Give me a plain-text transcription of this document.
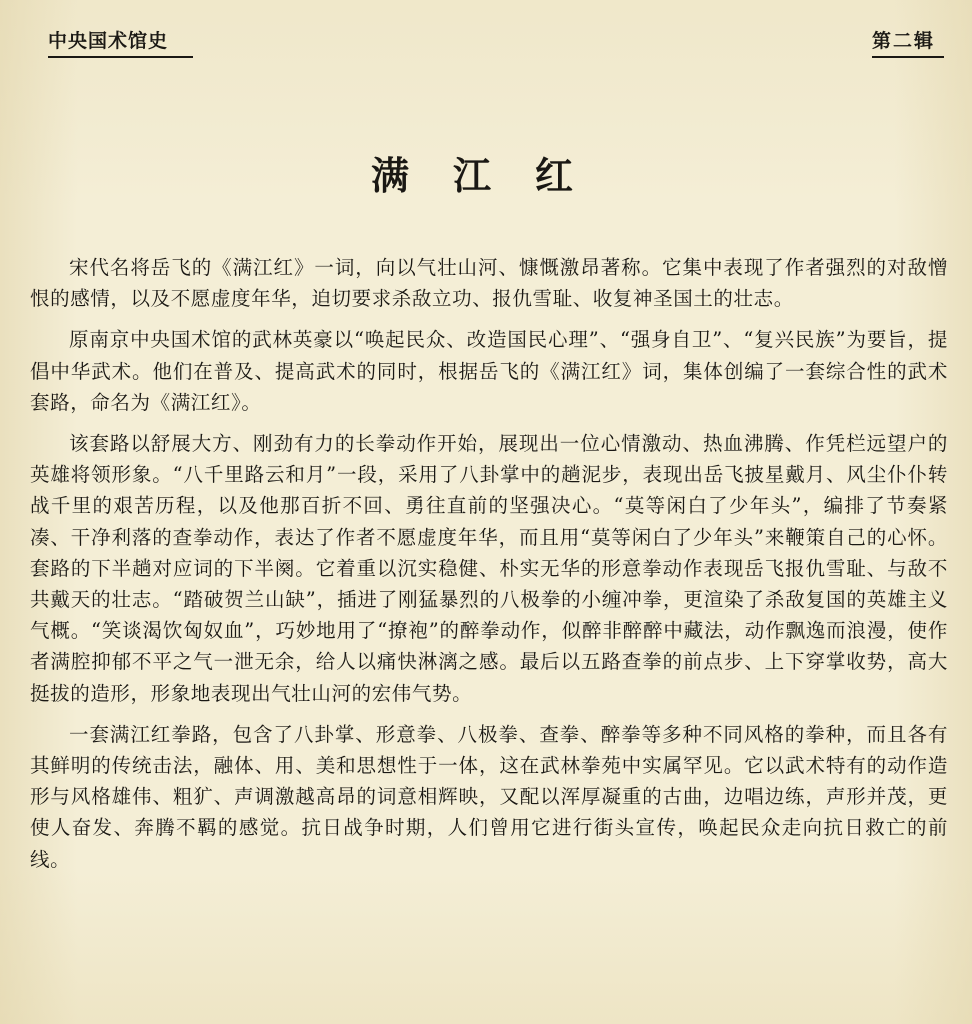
中央国术馆史	第二辑
满江红

宋代名将岳飞的《满江红》一词，向以气壮山河、慷慨激昂著称。它集中表现了作者强烈的对敌憎恨的感情，以及不愿虚度年华，迫切要求杀敌立功、报仇雪耻、收复神圣国土的壮志。

原南京中央国术馆的武林英豪以“唤起民众、改造国民心理”、“强身自卫”、“复兴民族”为要旨，提倡中华武术。他们在普及、提高武术的同时，根据岳飞的《满江红》词，集体创编了一套综合性的武术套路，命名为《满江红》。

该套路以舒展大方、刚劲有力的长拳动作开始，展现出一位心情激动、热血沸腾、作凭栏远望户的英雄将领形象。“八千里路云和月”一段，采用了八卦掌中的趟泥步，表现出岳飞披星戴月、风尘仆仆转战千里的艰苦历程，以及他那百折不回、勇往直前的坚强决心。“莫等闲白了少年头”，编排了节奏紧凑、干净利落的查拳动作，表达了作者不愿虚度年华，而且用“莫等闲白了少年头”来鞭策自己的心怀。套路的下半趟对应词的下半阕。它着重以沉实稳健、朴实无华的形意拳动作表现岳飞报仇雪耻、与敌不共戴天的壮志。“踏破贺兰山缺”，插进了刚猛暴烈的八极拳的小缠冲拳，更渲染了杀敌复国的英雄主义气概。“笑谈渴饮匈奴血”，巧妙地用了“撩袍”的醉拳动作，似醉非醉醉中藏法，动作飘逸而浪漫，使作者满腔抑郁不平之气一泄无余，给人以痛快淋漓之感。最后以五路查拳的前点步、上下穿掌收势，高大挺拔的造形，形象地表现出气壮山河的宏伟气势。

一套满江红拳路，包含了八卦掌、形意拳、八极拳、查拳、醉拳等多种不同风格的拳种，而且各有其鲜明的传统击法，融体、用、美和思想性于一体，这在武林拳苑中实属罕见。它以武术特有的动作造形与风格雄伟、粗犷、声调激越高昂的词意相辉映，又配以浑厚凝重的古曲，边唱边练，声形并茂，更使人奋发、奔腾不羁的感觉。抗日战争时期，人们曾用它进行街头宣传，唤起民众走向抗日救亡的前线。
